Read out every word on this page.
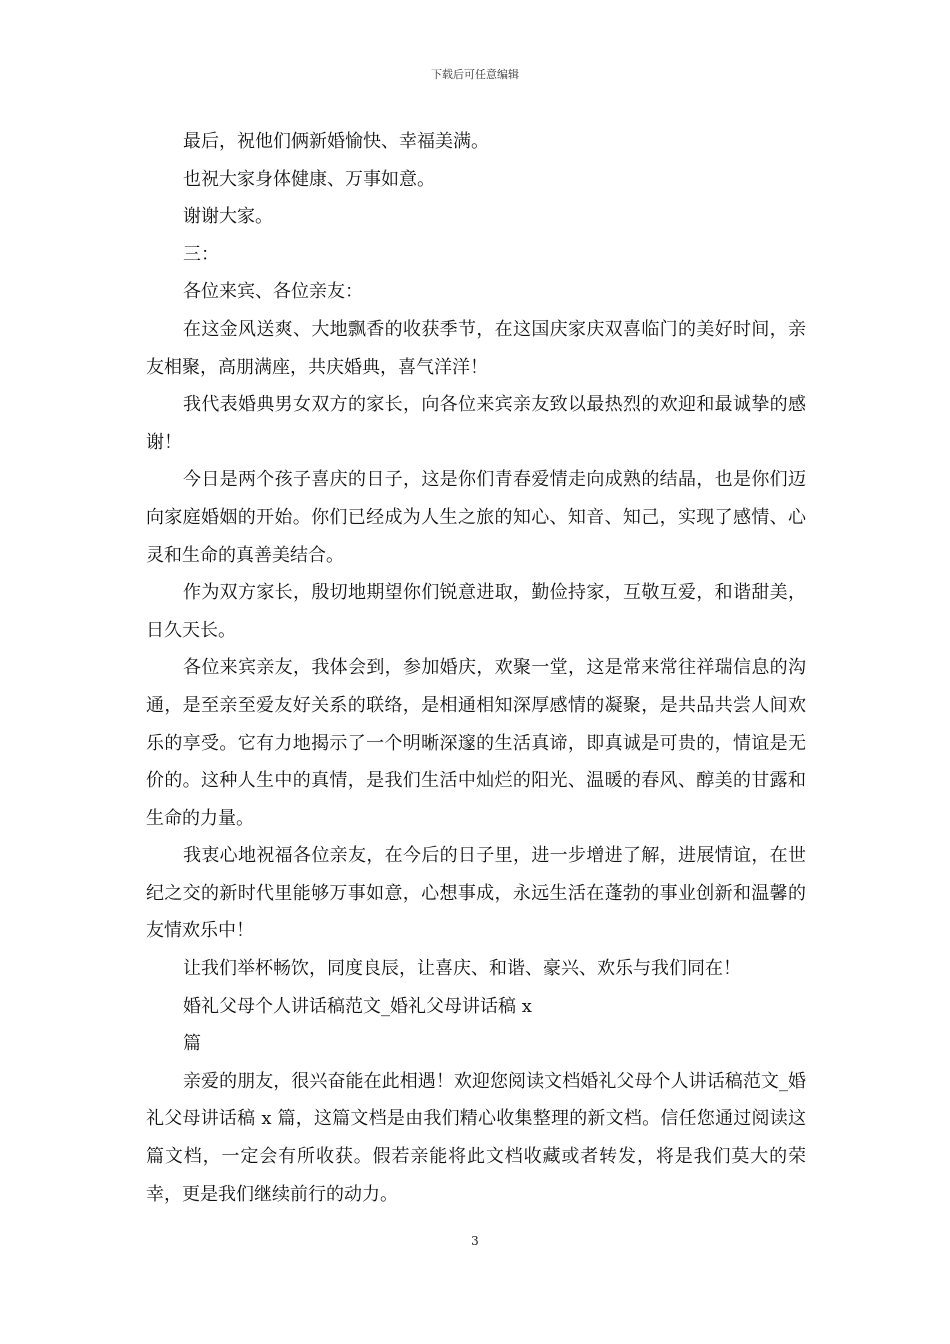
下载后可任意编辑

最后，祝他们俩新婚愉快、幸福美满。

也祝大家身体健康、万事如意。

谢谢大家。

三：

各位来宾、各位亲友：

在这金风送爽、大地飘香的收获季节，在这国庆家庆双喜临门的美好时间，亲友相聚，高朋满座，共庆婚典，喜气洋洋！

我代表婚典男女双方的家长，向各位来宾亲友致以最热烈的欢迎和最诚挚的感谢！

今日是两个孩子喜庆的日子，这是你们青春爱情走向成熟的结晶，也是你们迈向家庭婚姻的开始。你们已经成为人生之旅的知心、知音、知己，实现了感情、心灵和生命的真善美结合。

作为双方家长，殷切地期望你们锐意进取，勤俭持家，互敬互爱，和谐甜美，日久天长。

各位来宾亲友，我体会到，参加婚庆，欢聚一堂，这是常来常往祥瑞信息的沟通，是至亲至爱友好关系的联络，是相通相知深厚感情的凝聚，是共品共尝人间欢乐的享受。它有力地揭示了一个明晰深邃的生活真谛，即真诚是可贵的，情谊是无价的。这种人生中的真情，是我们生活中灿烂的阳光、温暖的春风、醇美的甘露和生命的力量。

我衷心地祝福各位亲友，在今后的日子里，进一步增进了解，进展情谊，在世纪之交的新时代里能够万事如意，心想事成，永远生活在蓬勃的事业创新和温馨的友情欢乐中！

让我们举杯畅饮，同度良辰，让喜庆、和谐、豪兴、欢乐与我们同在！

婚礼父母个人讲话稿范文_婚礼父母讲话稿 x

篇

亲爱的朋友，很兴奋能在此相遇！欢迎您阅读文档婚礼父母个人讲话稿范文_婚礼父母讲话稿 x 篇，这篇文档是由我们精心收集整理的新文档。信任您通过阅读这篇文档，一定会有所收获。假若亲能将此文档收藏或者转发，将是我们莫大的荣幸，更是我们继续前行的动力。

3
